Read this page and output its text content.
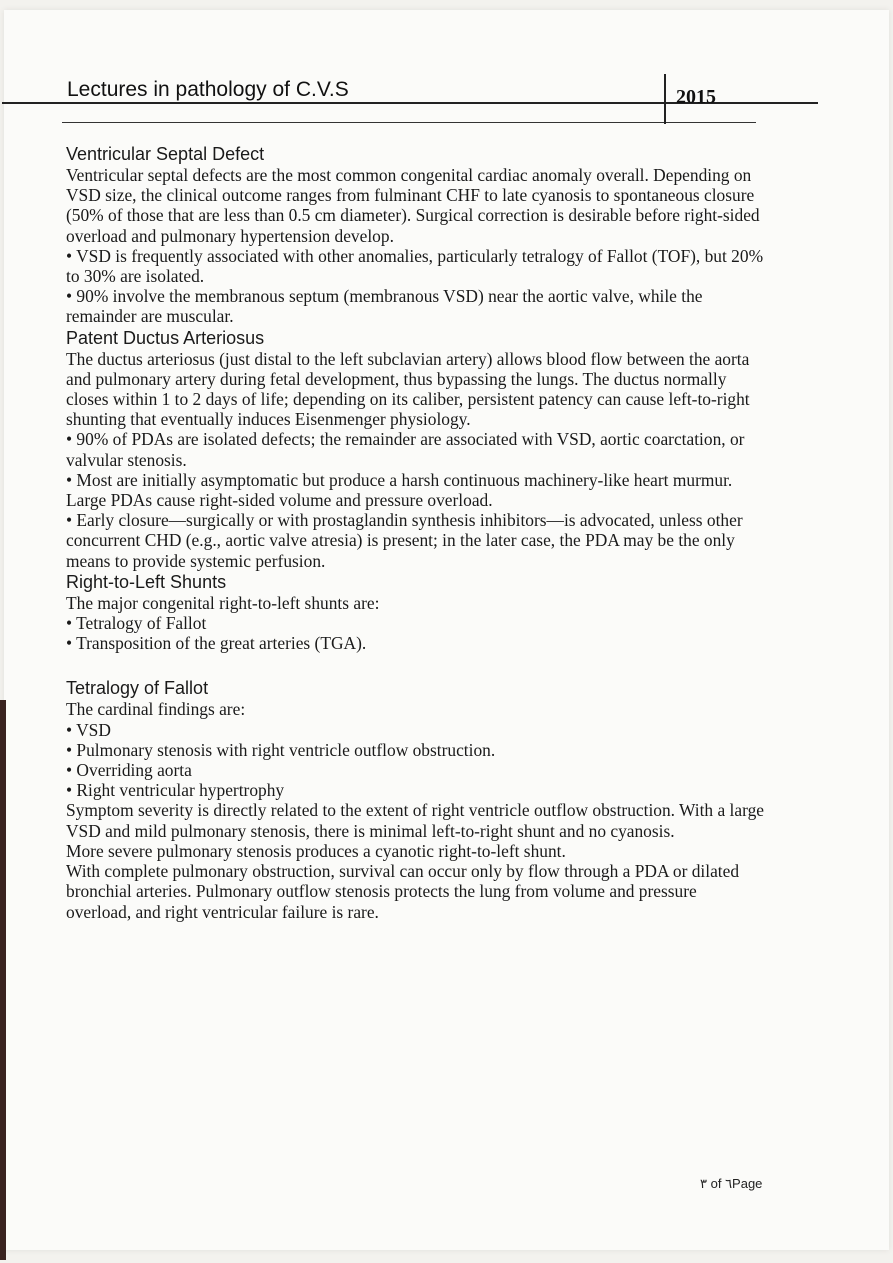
Lectures in pathology of C.V.S	2015

Ventricular Septal Defect

Ventricular septal defects are the most common congenital cardiac anomaly overall. Depending on VSD size, the clinical outcome ranges from fulminant CHF to late cyanosis to spontaneous closure (50% of those that are less than 0.5 cm diameter). Surgical correction is desirable before right-sided overload and pulmonary hypertension develop.

• VSD is frequently associated with other anomalies, particularly tetralogy of Fallot (TOF), but 20% to 30% are isolated.

• 90% involve the membranous septum (membranous VSD) near the aortic valve, while the remainder are muscular.

Patent Ductus Arteriosus

The ductus arteriosus (just distal to the left subclavian artery) allows blood flow between the aorta and pulmonary artery during fetal development, thus bypassing the lungs. The ductus normally closes within 1 to 2 days of life; depending on its caliber, persistent patency can cause left-to-right shunting that eventually induces Eisenmenger physiology.

• 90% of PDAs are isolated defects; the remainder are associated with VSD, aortic coarctation, or valvular stenosis.

• Most are initially asymptomatic but produce a harsh continuous machinery-like heart murmur. Large PDAs cause right-sided volume and pressure overload.

• Early closure—surgically or with prostaglandin synthesis inhibitors—is advocated, unless other concurrent CHD (e.g., aortic valve atresia) is present; in the later case, the PDA may be the only means to provide systemic perfusion.

Right-to-Left Shunts

The major congenital right-to-left shunts are:

• Tetralogy of Fallot

• Transposition of the great arteries (TGA).

Tetralogy of Fallot

The cardinal findings are:

• VSD

• Pulmonary stenosis with right ventricle outflow obstruction.

• Overriding aorta

• Right ventricular hypertrophy

Symptom severity is directly related to the extent of right ventricle outflow obstruction. With a large VSD and mild pulmonary stenosis, there is minimal left-to-right shunt and no cyanosis.

More severe pulmonary stenosis produces a cyanotic right-to-left shunt.

With complete pulmonary obstruction, survival can occur only by flow through a PDA or dilated bronchial arteries. Pulmonary outflow stenosis protects the lung from volume and pressure overload, and right ventricular failure is rare.

٣ of ٦Page
